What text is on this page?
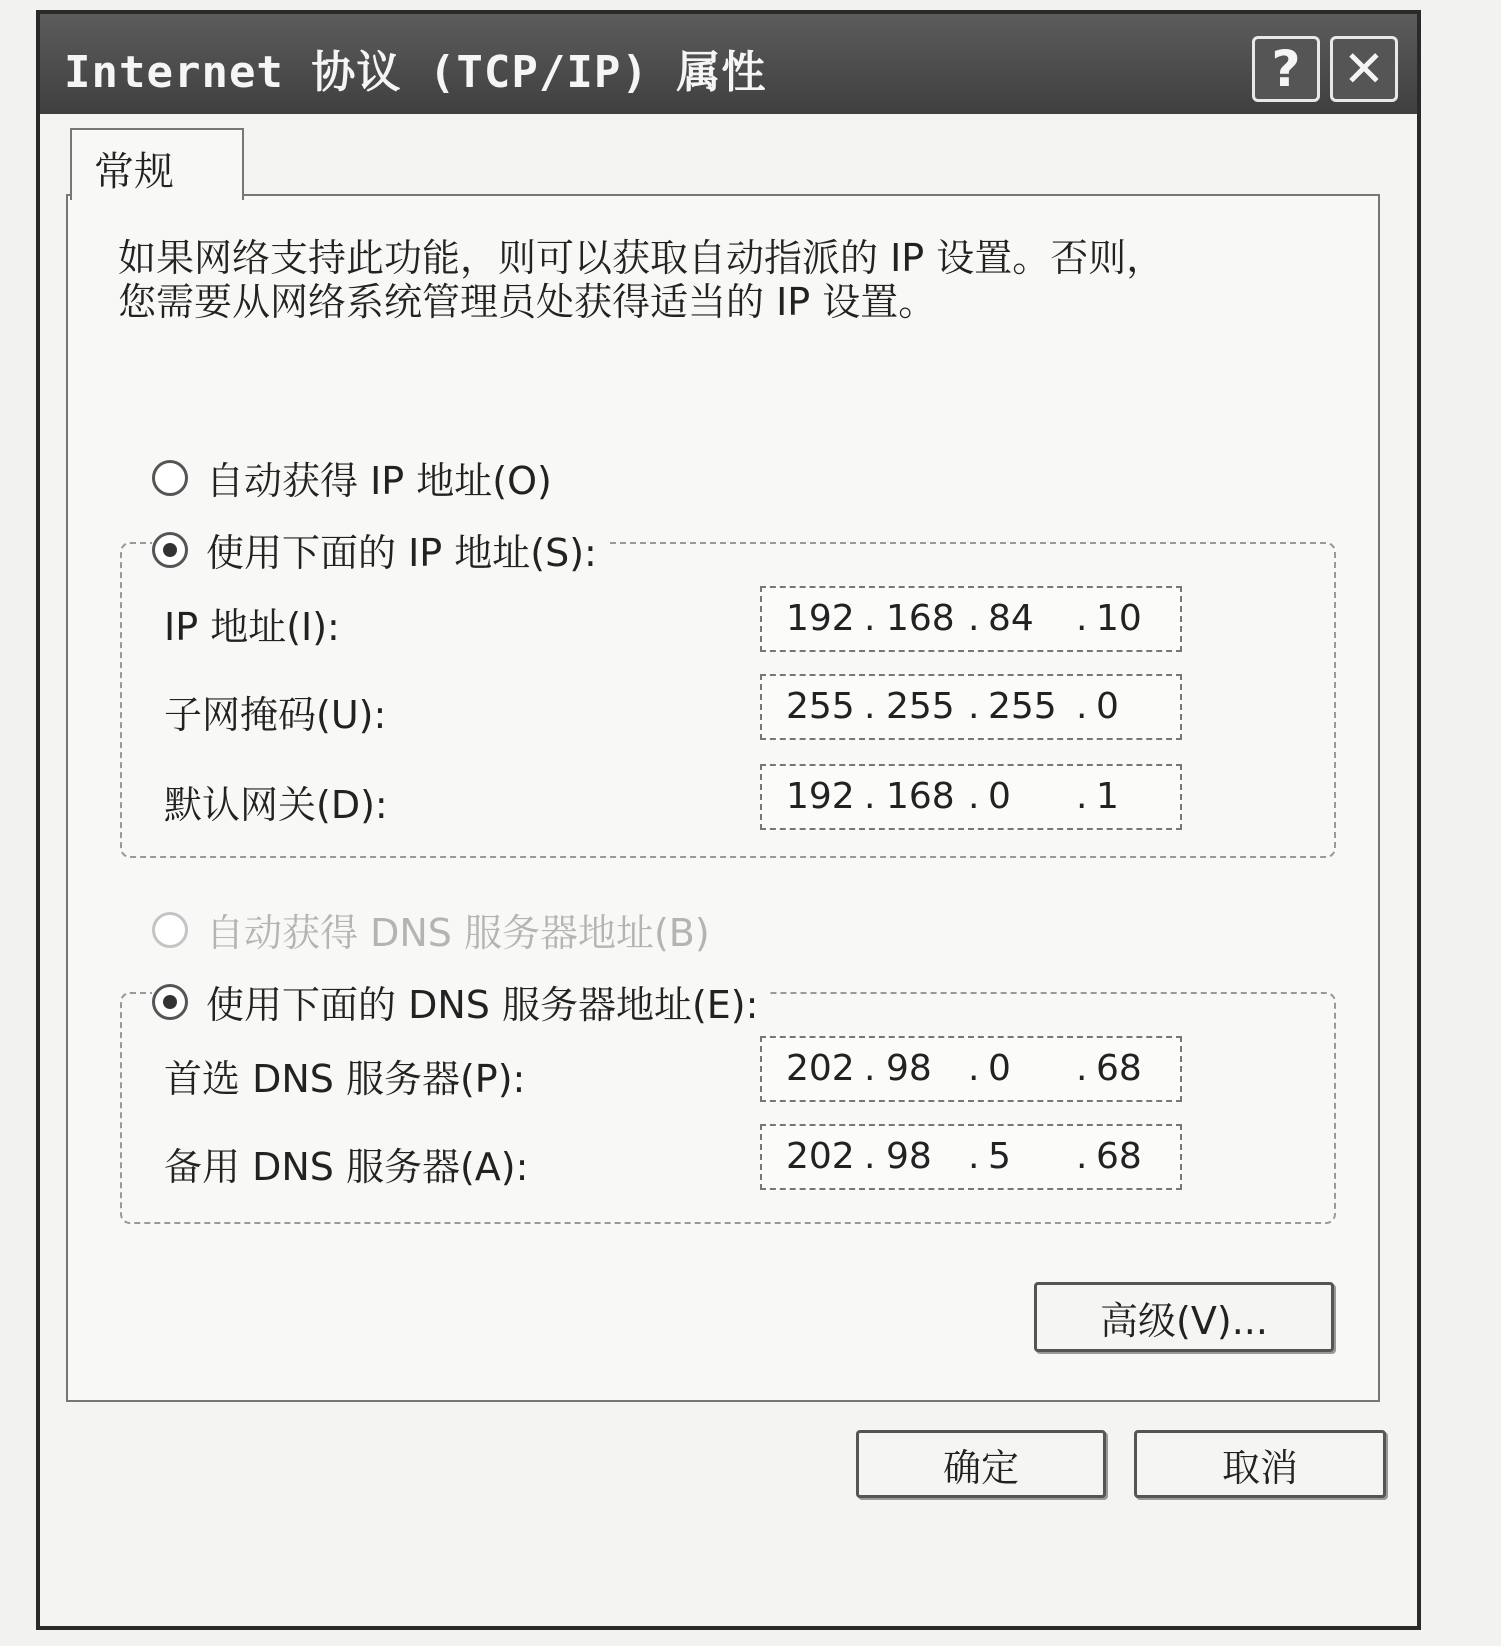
Internet 协议 (TCP/IP) 属性	? ✕
常规
如果网络支持此功能，则可以获取自动指派的 IP 设置。否则，
您需要从网络系统管理员处获得适当的 IP 设置。
自动获得 IP 地址(O)
使用下面的 IP 地址(S):
IP 地址(I):	192 . 168 . 84 . 10
子网掩码(U):	255 . 255 . 255 . 0
默认网关(D):	192 . 168 . 0 . 1
自动获得 DNS 服务器地址(B)
使用下面的 DNS 服务器地址(E):
首选 DNS 服务器(P):	202 . 98 . 0 . 68
备用 DNS 服务器(A):	202 . 98 . 5 . 68
高级(V)...
确定	取消
